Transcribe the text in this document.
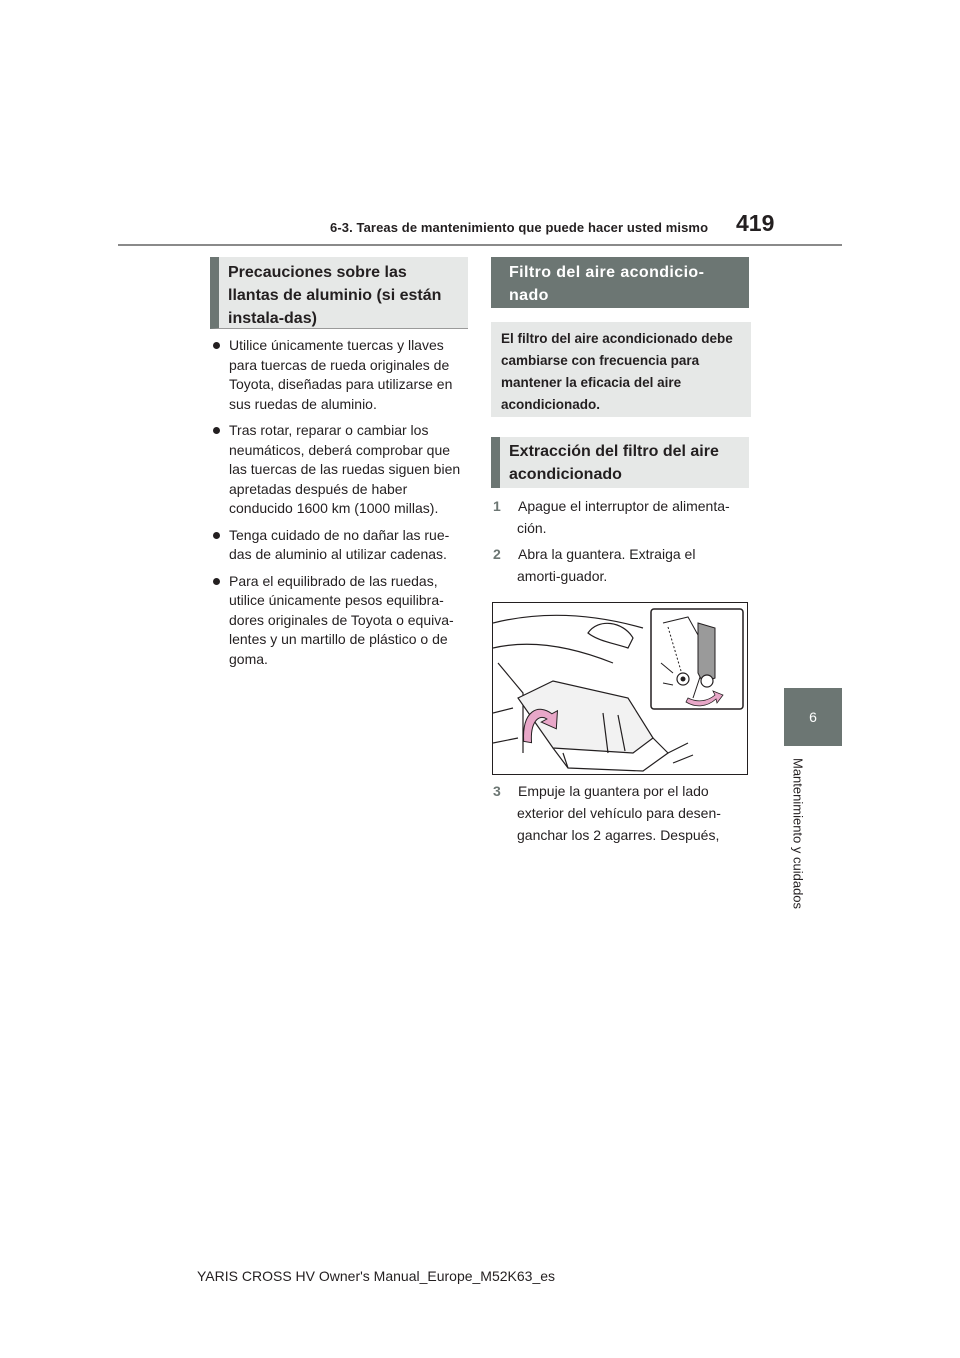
6-3. Tareas de mantenimiento que puede hacer usted mismo 419
6
Mantenimiento y cuidados
Precauciones sobre las llantas de aluminio (si están instala-das)
Utilice únicamente tuercas y llaves para tuercas de rueda originales de Toyota, diseñadas para utilizarse en sus ruedas de aluminio.
Tras rotar, reparar o cambiar los neumáticos, deberá comprobar que las tuercas de las ruedas siguen bien apretadas después de haber conducido 1600 km (1000 millas).
Tenga cuidado de no dañar las rue-das de aluminio al utilizar cadenas.
Para el equilibrado de las ruedas, utilice únicamente pesos equilibra-dores originales de Toyota o equiva-lentes y un martillo de plástico o de goma.
Filtro del aire acondicio-nado
El filtro del aire acondicionado debe cambiarse con frecuencia para mantener la eficacia del aire acondicionado.
Extracción del filtro del aire acondicionado
1 Apague el interruptor de alimenta-ción.
2 Abra la guantera. Extraiga el amorti-guador.
3 Empuje la guantera por el lado exterior del vehículo para desen-ganchar los 2 agarres. Después,
YARIS CROSS HV Owner's Manual_Europe_M52K63_es
